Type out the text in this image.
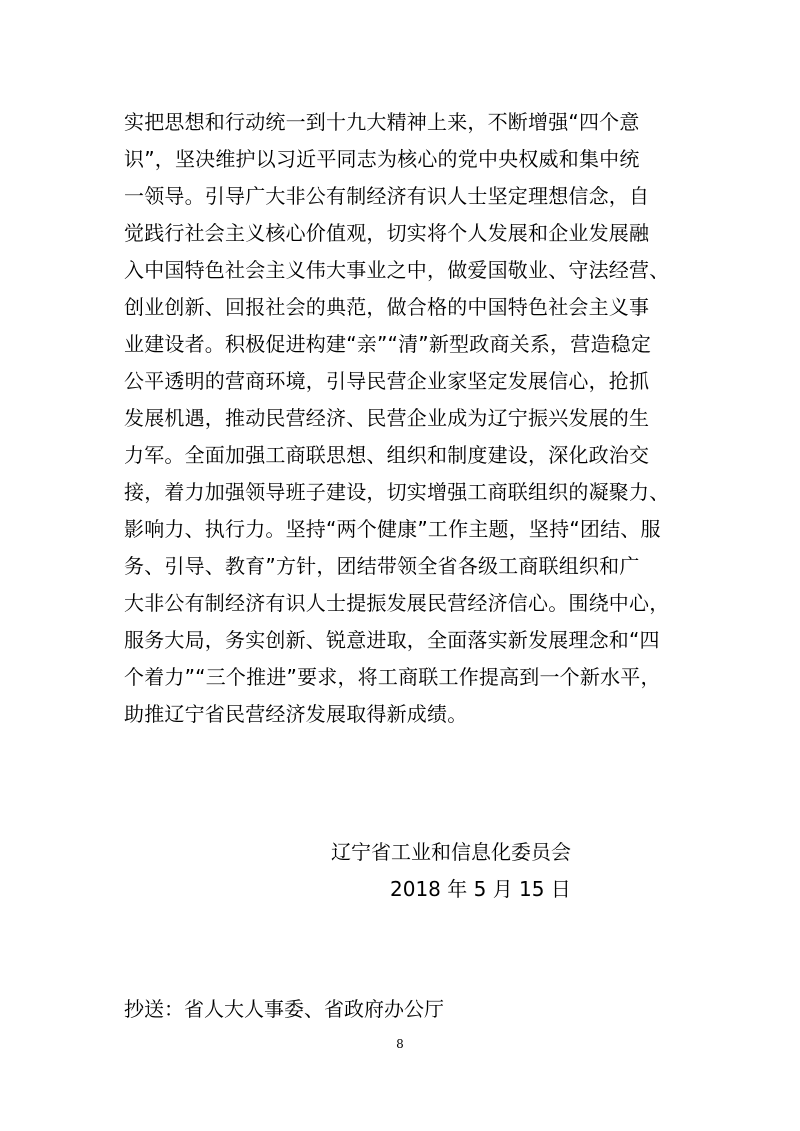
实把思想和行动统一到十九大精神上来，不断增强“四个意
识”，坚决维护以习近平同志为核心的党中央权威和集中统
一领导。引导广大非公有制经济有识人士坚定理想信念，自
觉践行社会主义核心价值观，切实将个人发展和企业发展融
入中国特色社会主义伟大事业之中，做爱国敬业、守法经营、
创业创新、回报社会的典范，做合格的中国特色社会主义事
业建设者。积极促进构建“亲”“清”新型政商关系，营造稳定
公平透明的营商环境，引导民营企业家坚定发展信心，抢抓
发展机遇，推动民营经济、民营企业成为辽宁振兴发展的生
力军。全面加强工商联思想、组织和制度建设，深化政治交
接，着力加强领导班子建设，切实增强工商联组织的凝聚力、
影响力、执行力。坚持“两个健康”工作主题，坚持“团结、服
务、引导、教育”方针，团结带领全省各级工商联组织和广
大非公有制经济有识人士提振发展民营经济信心。围绕中心，
服务大局，务实创新、锐意进取，全面落实新发展理念和“四
个着力”“三个推进”要求，将工商联工作提高到一个新水平，
助推辽宁省民营经济发展取得新成绩。
辽宁省工业和信息化委员会
2018 年 5 月 15 日
抄送：省人大人事委、省政府办公厅
8
